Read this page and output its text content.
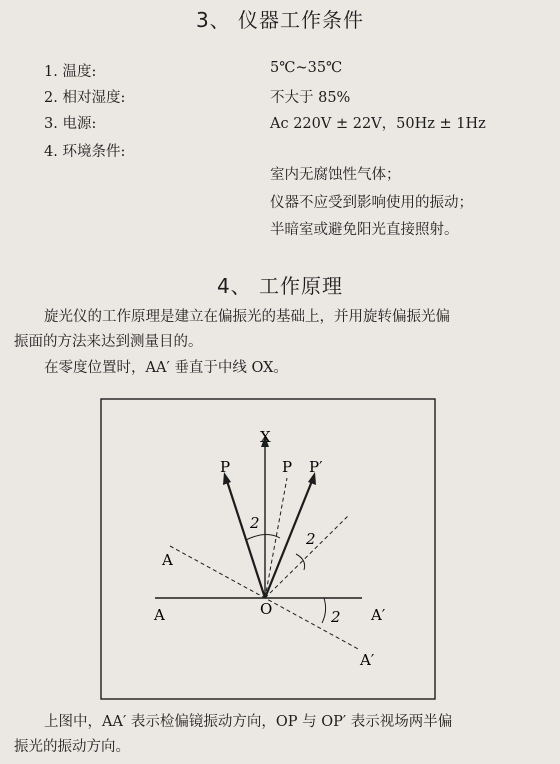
3、 仪器工作条件
1. 温度:	5℃~35℃
2. 相对湿度:	不大于 85%
3. 电源:	Ac 220V ± 22V，50Hz ± 1Hz
4. 环境条件:
室内无腐蚀性气体；
仪器不应受到影响使用的振动；
半暗室或避免阳光直接照射。
4、 工作原理
旋光仪的工作原理是建立在偏振光的基础上，并用旋转偏振光偏
振面的方法来达到测量目的。
在零度位置时，AA′ 垂直于中线 OX。
X
P	P P′
A
A	O	A′
A′
2
2
2
上图中，AA′ 表示检偏镜振动方向，OP 与 OP′ 表示视场两半偏
振光的振动方向。
